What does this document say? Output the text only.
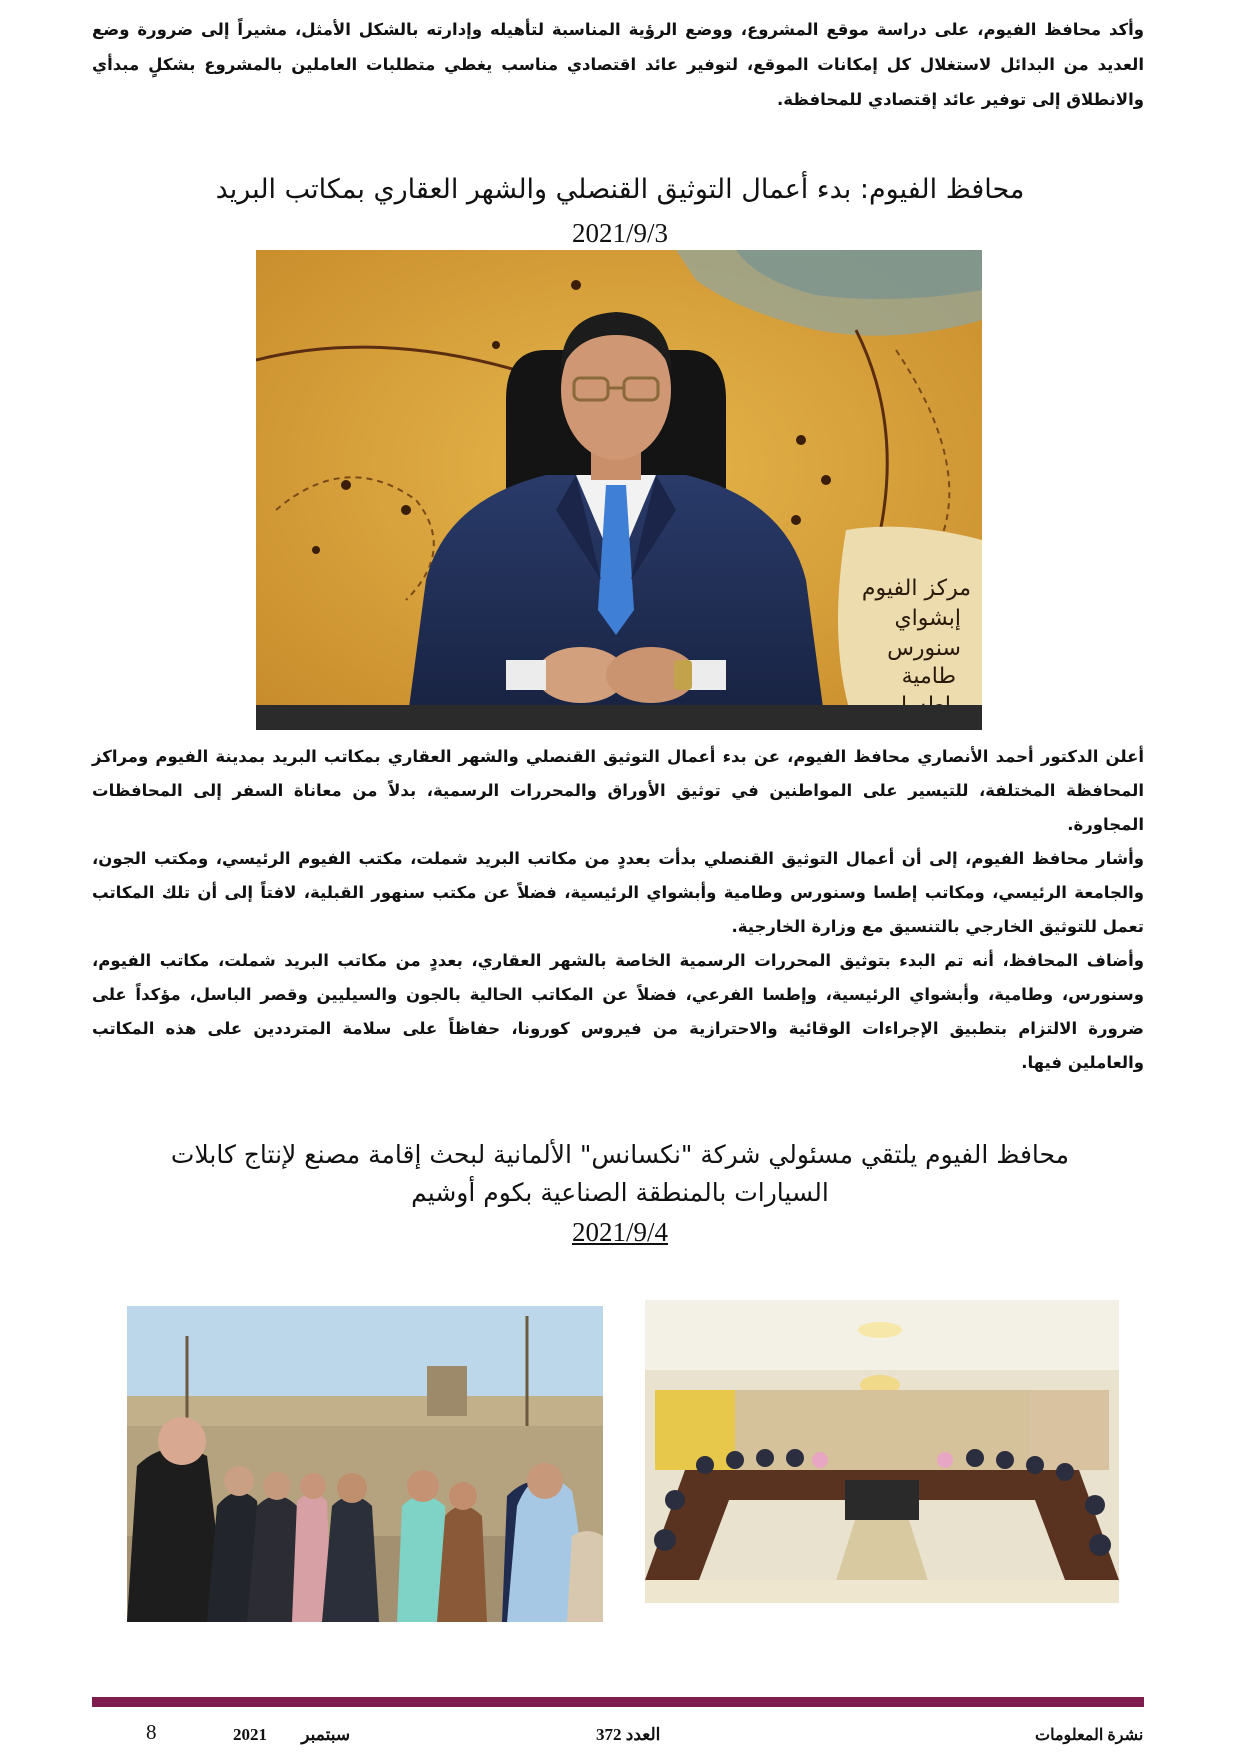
وأكد محافظ الفيوم، على دراسة موقع المشروع، ووضع الرؤية المناسبة لتأهيله وإدارته بالشكل الأمثل، مشيراً إلى ضرورة وضع العديد من البدائل لاستغلال كل إمكانات الموقع، لتوفير عائد اقتصادي مناسب يغطي متطلبات العاملين بالمشروع بشكلٍ مبدأي والانطلاق إلى توفير عائد إقتصادي للمحافظة.

محافظ الفيوم: بدء أعمال التوثيق القنصلي والشهر العقاري بمكاتب البريد
2021/9/3
مركز الفيوم
إبشواي
سنورس
طامية

أعلن الدكتور أحمد الأنصاري محافظ الفيوم، عن بدء أعمال التوثيق القنصلي والشهر العقاري بمكاتب البريد بمدينة الفيوم ومراكز المحافظة المختلفة، للتيسير على المواطنين في توثيق الأوراق والمحررات الرسمية، بدلاً من معاناة السفر إلى المحافظات المجاورة.

وأشار محافظ الفيوم، إلى أن أعمال التوثيق القنصلي بدأت بعددٍ من مكاتب البريد شملت، مكتب الفيوم الرئيسي، ومكتب الجون، والجامعة الرئيسي، ومكاتب إطسا وسنورس وطامية وأبشواي الرئيسية، فضلاً عن مكتب سنهور القبلية، لافتاً إلى أن تلك المكاتب تعمل للتوثيق الخارجي بالتنسيق مع وزارة الخارجية.

وأضاف المحافظ، أنه تم البدء بتوثيق المحررات الرسمية الخاصة بالشهر العقاري، بعددٍ من مكاتب البريد شملت، مكاتب الفيوم، وسنورس، وطامية، وأبشواي الرئيسية، وإطسا الفرعي، فضلاً عن المكاتب الحالية بالجون والسيليين وقصر الباسل، مؤكداً على ضرورة الالتزام بتطبيق الإجراءات الوقائية والاحترازية من فيروس كورونا، حفاظاً على سلامة المترددين على هذه المكاتب والعاملين فيها.

محافظ الفيوم يلتقي مسئولي شركة "نكسانس" الألمانية لبحث إقامة مصنع لإنتاج كابلات
السيارات بالمنطقة الصناعية بكوم أوشيم
2021/9/4
نشرة المعلومات
العدد 372
سبتمبر 2021
8
